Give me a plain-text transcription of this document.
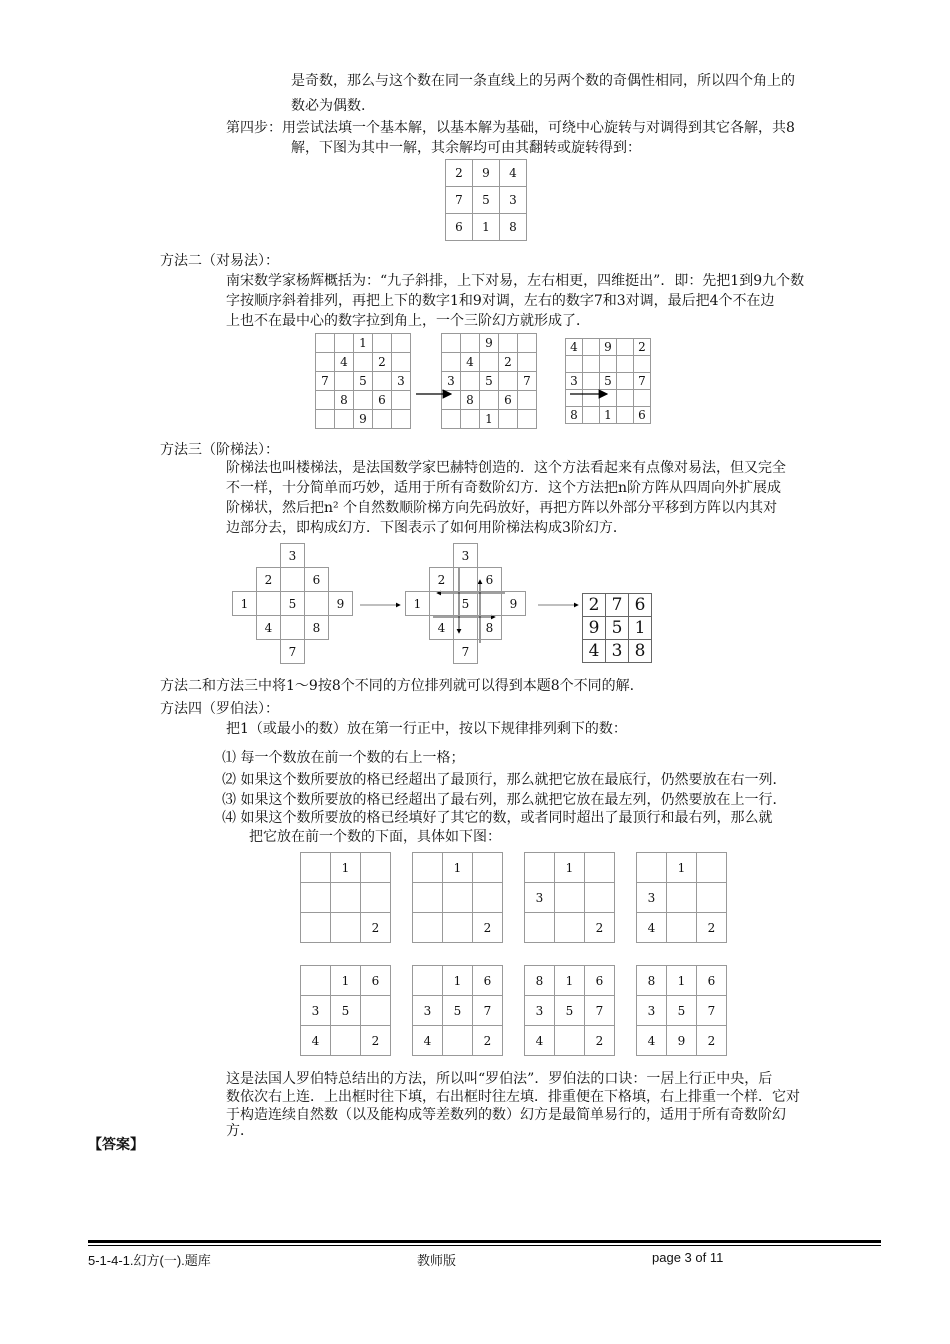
是奇数，那么与这个数在同一条直线上的另两个数的奇偶性相同，所以四个角上的
数必为偶数.
第四步：用尝试法填一个基本解，以基本解为基础，可绕中心旋转与对调得到其它各解，共8
解，下图为其中一解，其余解均可由其翻转或旋转得到：
2	9	4
7	5	3
6	1	8
方法二（对易法）：
南宋数学家杨辉概括为：“九子斜排，上下对易，左右相更，四维挺出”．即：先把1到9九个数
字按顺序斜着排列，再把上下的数字1和9对调，左右的数字7和3对调，最后把4个不在边
上也不在最中心的数字拉到角上，一个三阶幻方就形成了．
		1		
	4		2	
7		5		3
	8		6	
		9		
		9		
	4		2	
3		5		7
	8		6	
		1		
4		9		2

3		5		7

8		1		6
方法三（阶梯法）：
阶梯法也叫楼梯法，是法国数学家巴赫特创造的．这个方法看起来有点像对易法，但又完全
不一样，十分简单而巧妙，适用于所有奇数阶幻方．这个方法把n阶方阵从四周向外扩展成
阶梯状，然后把n² 个自然数顺阶梯方向先码放好，再把方阵以外部分平移到方阵以内其对
边部分去，即构成幻方．下图表示了如何用阶梯法构成3阶幻方．
		3		
	2		6	
1		5		9
	4		8	
		7		
		3		
	2		6	
1		5		9
	4		8	
		7		
2	7	6
9	5	1
4	3	8
方法二和方法三中将1～9按8个不同的方位排列就可以得到本题8个不同的解.
方法四（罗伯法）：
把1（或最小的数）放在第一行正中，按以下规律排列剩下的数：
⑴ 每一个数放在前一个数的右上一格；
⑵ 如果这个数所要放的格已经超出了最顶行，那么就把它放在最底行，仍然要放在右一列．
⑶ 如果这个数所要放的格已经超出了最右列，那么就把它放在最左列，仍然要放在上一行．
⑷ 如果这个数所要放的格已经填好了其它的数，或者同时超出了最顶行和最右列，那么就
把它放在前一个数的下面，具体如下图：
	1	

		2
	1	

		2
	1	
3		
		2
	1	
3		
4		2
	1	6
3	5	
4		2
	1	6
3	5	7
4		2
8	1	6
3	5	7
4		2
8	1	6
3	5	7
4	9	2
这是法国人罗伯特总结出的方法，所以叫“罗伯法”．罗伯法的口诀：一居上行正中央，后
数依次右上连．上出框时往下填，右出框时往左填．排重便在下格填，右上排重一个样．它对
于构造连续自然数（以及能构成等差数列的数）幻方是最简单易行的，适用于所有奇数阶幻
方．
【答案】
5-1-4-1.幻方(一).题库	教师版	page 3 of 11
